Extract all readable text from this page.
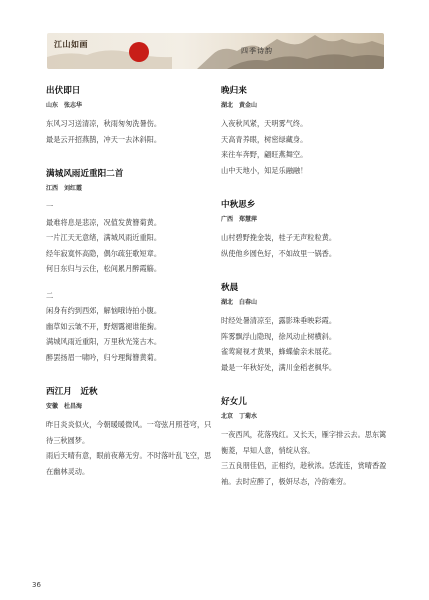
江山如画
四季诗韵
出伏即日
山东 张志华

东风习习送清凉，秋雨匆匆洗暑伤。

最是云开招燕鹊，冲天一去沐斜阳。

满城风雨近重阳二首
江西 刘红霞

一

最难将息是悲凉，况值发黄簪菊黄。

一片江天无意绪，满城风雨近重阳。

经年寂寞怀高隐，偶尔疏狂歌短章。

何日东归与云住，松间累月醉霞觞。

二

闲身有约到西郊，解恼哦诗拍小腹。

幽草如云皱不开，野烟霭褪谁能掬。

满城风雨近重阳，万里秋光笼古木。

醉罢扬眉一啸吟，归兮理髯簪黄菊。

西江月　近秋
安徽 杜昌海

昨日炎炎似火，今朝暖暖微风。一弯弦月照苍穹，只待三秋圆梦。

雨后天晴有意，眼前夜幕无穷。不时落叶乱飞空，思在幽林灵动。

晚归来
湖北 黄金山

入夜秋风紧，天明雾气终。

天高青养眼，树密绿藏身。

来往车奔野，翩旺燕舞空。

山中天地小，知足乐融融！

中秋思乡
广西 郑慧萍

山村碧野挽金装，桂子无声粒粒黄。

纵使他乡圆色好，不如故里一锅香。

秋晨
湖北 白春山

时经处暑清凉至，露影珠垂映彩霞。

阵雾飘浮山隐现，徐风动止树横斜。

雀莺窥视才黄果，蜂蝶偷亲未展花。

最是一年秋好处，满川金稻老枫华。

好女儿
北京 丁菊水

一夜西风，花落残红。又长天，雁字排云去。思东篱衡菱，早知人意，悄绽从容。

三五良朋佳侣，正相约，趁秋浓。恁流连，赏晴香盈袖。去时应醉了，极妍尽态，冷韵难穷。

36
